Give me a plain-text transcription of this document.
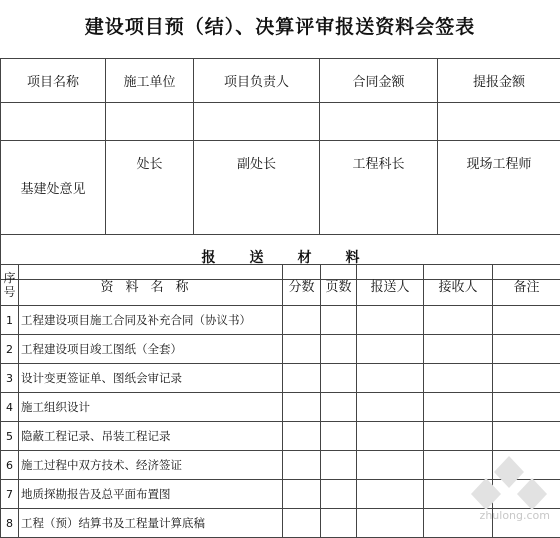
建设项目预（结）、决算评审报送资料会签表
项目名称	施工单位	项目负责人	合同金额	提报金额

基建处意见	处长	副处长	工程科长	现场工程师
报送材料				
序号	资料名称	分数	页数	报送人	接收人	备注
1	工程建设项目施工合同及补充合同（协议书）					
2	工程建设项目竣工图纸（全套）					
3	设计变更签证单、图纸会审记录					
4	施工组织设计					
5	隐蔽工程记录、吊装工程记录					
6	施工过程中双方技术、经济签证					
7	地质探勘报告及总平面布置图					
8	工程（预）结算书及工程量计算底稿					
zhulong.com
